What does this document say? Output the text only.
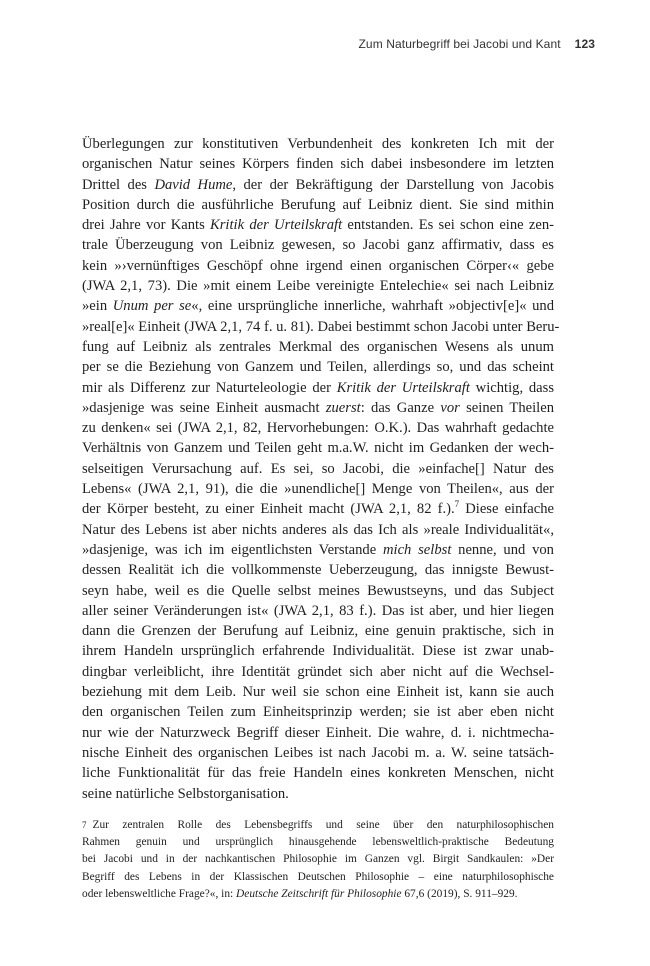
Zum Naturbegriff bei Jacobi und Kant 123
Überlegungen zur konstitutiven Verbundenheit des konkreten Ich mit der
organischen Natur seines Körpers finden sich dabei insbesondere im letzten
Drittel des David Hume, der der Bekräftigung der Darstellung von Jacobis
Position durch die ausführliche Berufung auf Leibniz dient. Sie sind mithin
drei Jahre vor Kants Kritik der Urteilskraft entstanden. Es sei schon eine zen-
trale Überzeugung von Leibniz gewesen, so Jacobi ganz affirmativ, dass es
kein »›vernünftiges Geschöpf ohne irgend einen organischen Cörper‹« gebe
(JWA 2,1, 73). Die »mit einem Leibe vereinigte Entelechie« sei nach Leibniz
»ein Unum per se«, eine ursprüngliche innerliche, wahrhaft »objectiv[e]« und
»real[e]« Einheit (JWA 2,1, 74 f. u. 81). Dabei bestimmt schon Jacobi unter Beru-
fung auf Leibniz als zentrales Merkmal des organischen Wesens als unum
per se die Beziehung von Ganzem und Teilen, allerdings so, und das scheint
mir als Differenz zur Naturteleologie der Kritik der Urteilskraft wichtig, dass
»dasjenige was seine Einheit ausmacht zuerst: das Ganze vor seinen Theilen
zu denken« sei (JWA 2,1, 82, Hervorhebungen: O.K.). Das wahrhaft gedachte
Verhältnis von Ganzem und Teilen geht m.a.W. nicht im Gedanken der wech-
selseitigen Verursachung auf. Es sei, so Jacobi, die »einfache[] Natur des
Lebens« (JWA 2,1, 91), die die »unendliche[] Menge von Theilen«, aus der
der Körper besteht, zu einer Einheit macht (JWA 2,1, 82 f.).$^7$ Diese einfache
Natur des Lebens ist aber nichts anderes als das Ich als »reale Individualität«,
»dasjenige, was ich im eigentlichsten Verstande mich selbst nenne, und von
dessen Realität ich die vollkommenste Ueberzeugung, das innigste Bewust-
seyn habe, weil es die Quelle selbst meines Bewustseyns, und das Subject
aller seiner Veränderungen ist« (JWA 2,1, 83 f.). Das ist aber, und hier liegen
dann die Grenzen der Berufung auf Leibniz, eine genuin praktische, sich in
ihrem Handeln ursprünglich erfahrende Individualität. Diese ist zwar unab-
dingbar verleiblicht, ihre Identität gründet sich aber nicht auf die Wechsel-
beziehung mit dem Leib. Nur weil sie schon eine Einheit ist, kann sie auch
den organischen Teilen zum Einheitsprinzip werden; sie ist aber eben nicht
nur wie der Naturzweck Begriff dieser Einheit. Die wahre, d. i. nichtmecha-
nische Einheit des organischen Leibes ist nach Jacobi m. a. W. seine tatsäch-
liche Funktionalität für das freie Handeln eines konkreten Menschen, nicht
seine natürliche Selbstorganisation.
7 Zur zentralen Rolle des Lebensbegriffs und seine über den naturphilosophischen
Rahmen genuin und ursprünglich hinausgehende lebensweltlich-praktische Bedeutung
bei Jacobi und in der nachkantischen Philosophie im Ganzen vgl. Birgit Sandkaulen: »Der
Begriff des Lebens in der Klassischen Deutschen Philosophie – eine naturphilosophische
oder lebensweltliche Frage?«, in: Deutsche Zeitschrift für Philosophie 67,6 (2019), S. 911–929.
